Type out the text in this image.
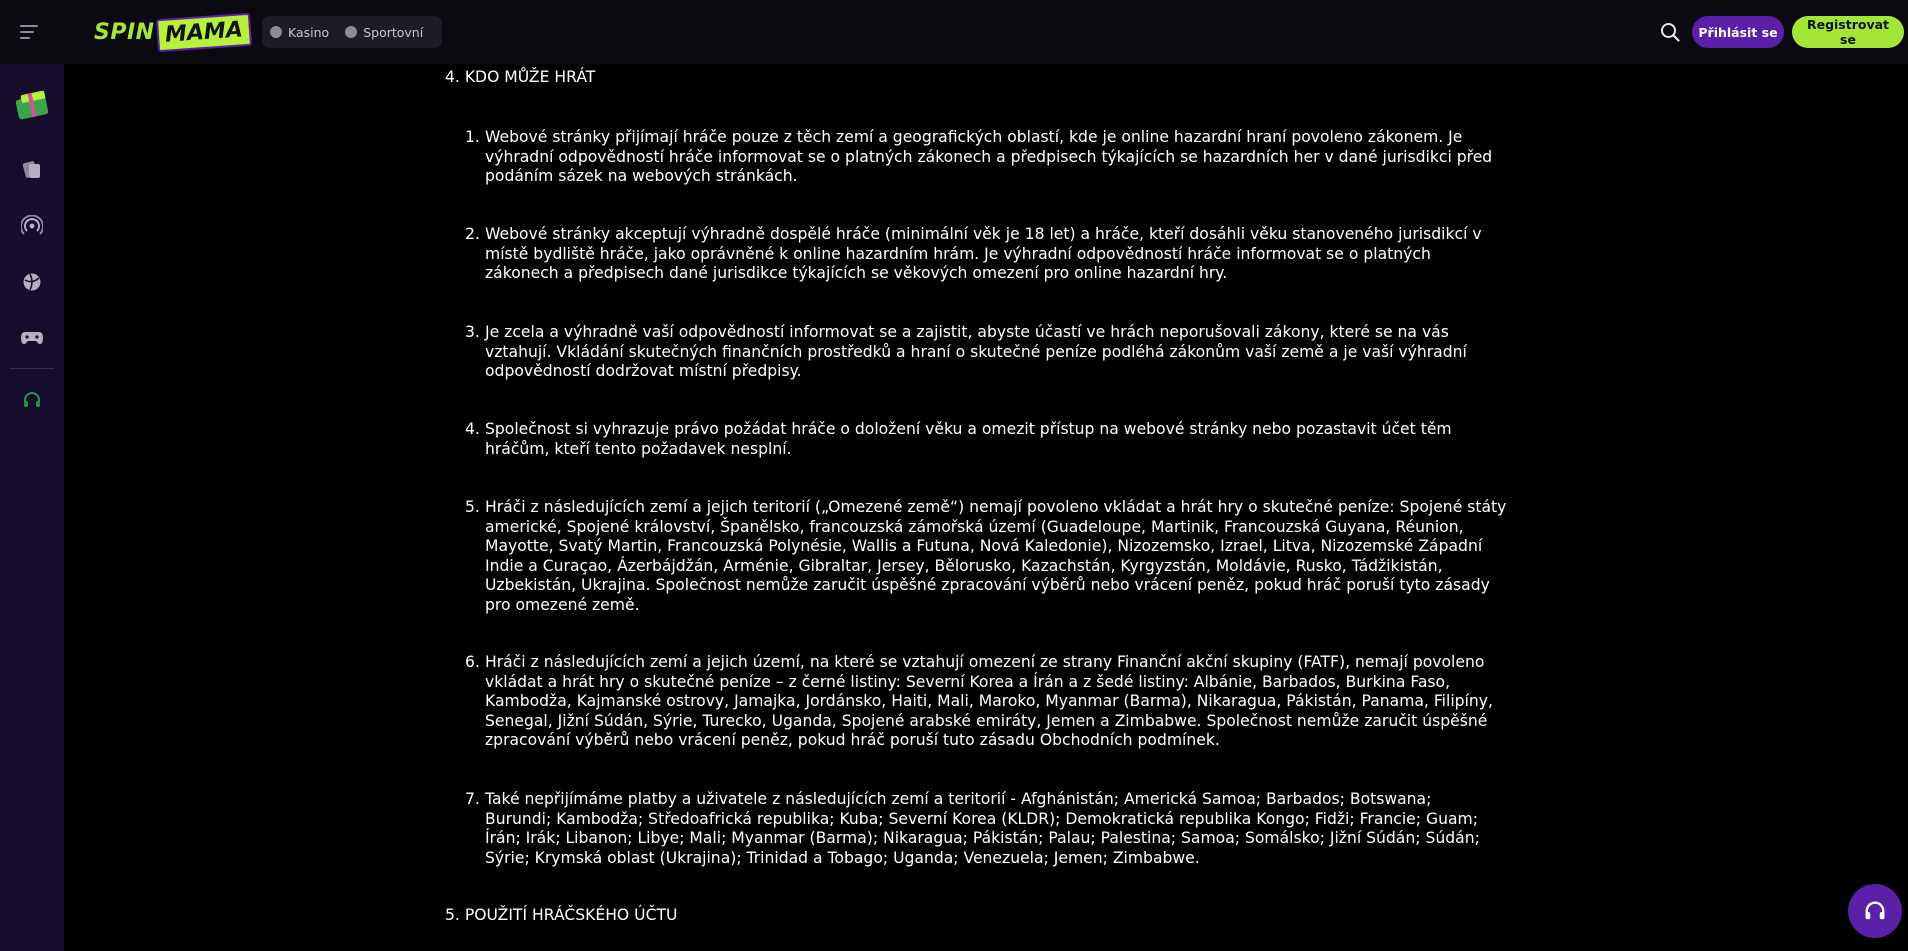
SPIN MAMA	Kasino	Sportovní	Přihlásit se	Registrovat se
4. KDO MŮŽE HRÁT
1. Webové stránky přijímají hráče pouze z těch zemí a geografických oblastí, kde je online hazardní hraní povoleno zákonem. Je
výhradní odpovědností hráče informovat se o platných zákonech a předpisech týkajících se hazardních her v dané jurisdikci před
podáním sázek na webových stránkách.
2. Webové stránky akceptují výhradně dospělé hráče (minimální věk je 18 let) a hráče, kteří dosáhli věku stanoveného jurisdikcí v
místě bydliště hráče, jako oprávněné k online hazardním hrám. Je výhradní odpovědností hráče informovat se o platných
zákonech a předpisech dané jurisdikce týkajících se věkových omezení pro online hazardní hry.
3. Je zcela a výhradně vaší odpovědností informovat se a zajistit, abyste účastí ve hrách neporušovali zákony, které se na vás
vztahují. Vkládání skutečných finančních prostředků a hraní o skutečné peníze podléhá zákonům vaší země a je vaší výhradní
odpovědností dodržovat místní předpisy.
4. Společnost si vyhrazuje právo požádat hráče o doložení věku a omezit přístup na webové stránky nebo pozastavit účet těm
hráčům, kteří tento požadavek nesplní.
5. Hráči z následujících zemí a jejich teritorií („Omezené země“) nemají povoleno vkládat a hrát hry o skutečné peníze: Spojené státy
americké, Spojené království, Španělsko, francouzská zámořská území (Guadeloupe, Martinik, Francouzská Guyana, Réunion,
Mayotte, Svatý Martin, Francouzská Polynésie, Wallis a Futuna, Nová Kaledonie), Nizozemsko, Izrael, Litva, Nizozemské Západní
Indie a Curaçao, Ázerbájdžán, Arménie, Gibraltar, Jersey, Bělorusko, Kazachstán, Kyrgyzstán, Moldávie, Rusko, Tádžikistán,
Uzbekistán, Ukrajina. Společnost nemůže zaručit úspěšné zpracování výběrů nebo vrácení peněz, pokud hráč poruší tyto zásady
pro omezené země.
6. Hráči z následujících zemí a jejich území, na které se vztahují omezení ze strany Finanční akční skupiny (FATF), nemají povoleno
vkládat a hrát hry o skutečné peníze – z černé listiny: Severní Korea a Írán a z šedé listiny: Albánie, Barbados, Burkina Faso,
Kambodža, Kajmanské ostrovy, Jamajka, Jordánsko, Haiti, Mali, Maroko, Myanmar (Barma), Nikaragua, Pákistán, Panama, Filipíny,
Senegal, Jižní Súdán, Sýrie, Turecko, Uganda, Spojené arabské emiráty, Jemen a Zimbabwe. Společnost nemůže zaručit úspěšné
zpracování výběrů nebo vrácení peněz, pokud hráč poruší tuto zásadu Obchodních podmínek.
7. Také nepřijímáme platby a uživatele z následujících zemí a teritorií - Afghánistán; Americká Samoa; Barbados; Botswana;
Burundi; Kambodža; Středoafrická republika; Kuba; Severní Korea (KLDR); Demokratická republika Kongo; Fidži; Francie; Guam;
Írán; Irák; Libanon; Libye; Mali; Myanmar (Barma); Nikaragua; Pákistán; Palau; Palestina; Samoa; Somálsko; Jižní Súdán; Súdán;
Sýrie; Krymská oblast (Ukrajina); Trinidad a Tobago; Uganda; Venezuela; Jemen; Zimbabwe.
5. POUŽITÍ HRÁČSKÉHO ÚČTU
